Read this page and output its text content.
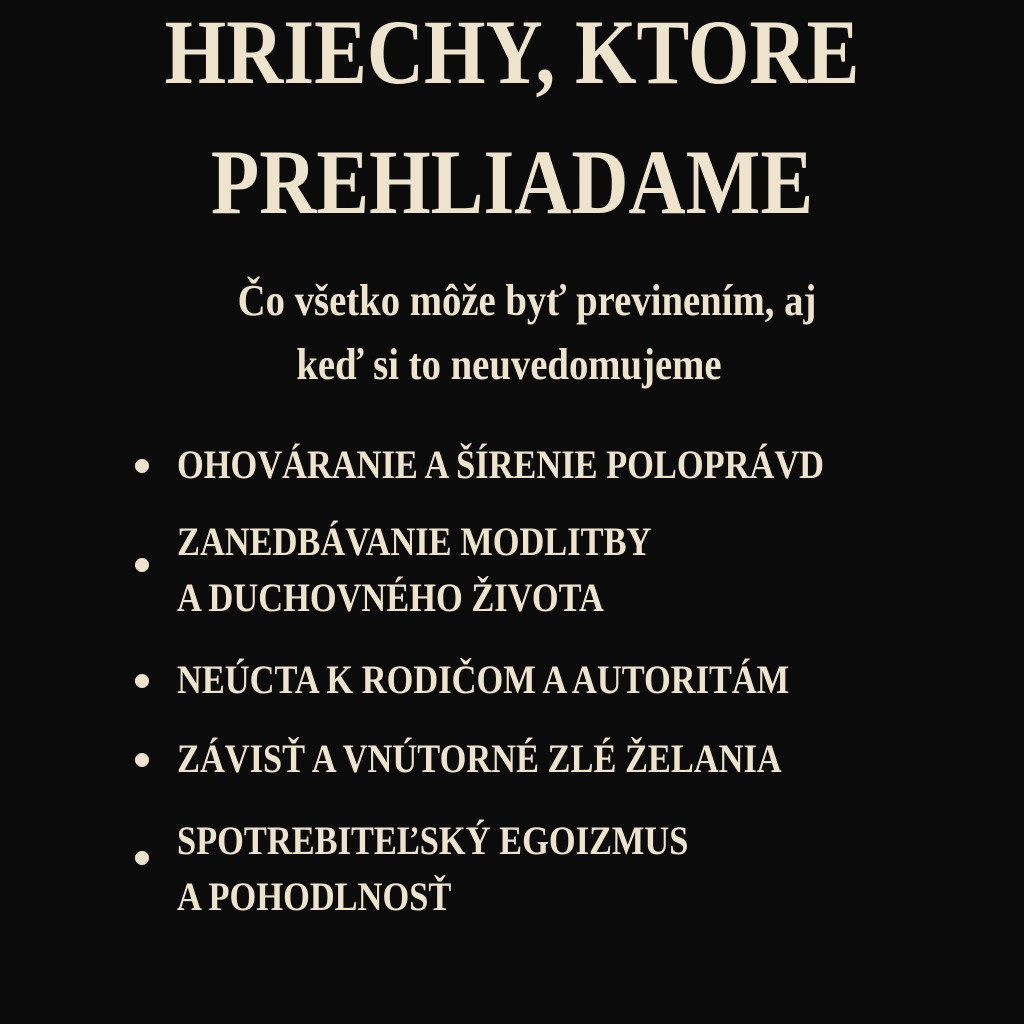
HRIECHY, KTORE
PREHLIADAME
Čo všetko môže byť previnením, aj
keď si to neuvedomujeme
OHOVÁRANIE A ŠÍRENIE POLOPRÁVD
ZANEDBÁVANIE MODLITBY
A DUCHOVNÉHO ŽIVOTA
NEÚCTA K RODIČOM A AUTORITÁM
ZÁVISŤ A VNÚTORNÉ ZLÉ ŽELANIA
SPOTREBITEĽSKÝ EGOIZMUS
A POHODLNOSŤ
